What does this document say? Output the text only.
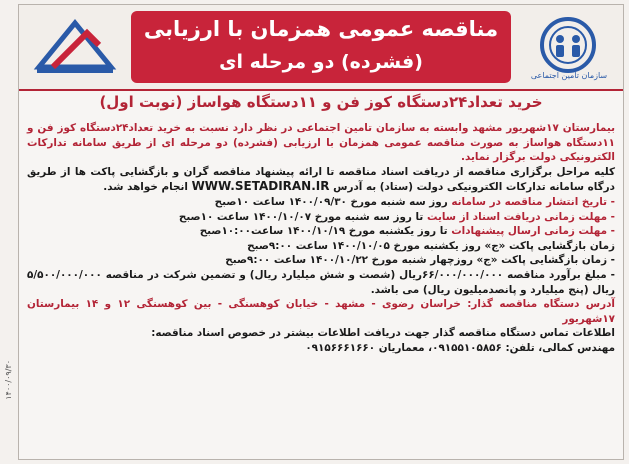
مناقصه عمومی همزمان با ارزیابی
(فشرده) دو مرحله ای
سازمان تامین اجتماعی
خرید تعداد۲۴دستگاه کوز فن و ۱۱دستگاه هواساز (نوبت اول)

بیمارستان ۱۷شهریور مشهد وابسته به سازمان تامین اجتماعی در نظر دارد نسبت به خرید تعداد۲۴دستگاه کوز فن و ۱۱دستگاه هواساز به صورت مناقصه عمومی همزمان با ارزیابی (فشرده) دو مرحله ای از طریق سامانه تدارکات الکترونیکی دولت برگزار نماید.

کلیه مراحل برگزاری مناقصه از دریافت اسناد مناقصه تا ارائه پیشنهاد مناقصه گران و بازگشایی پاکت ها از طریق درگاه سامانه تدارکات الکترونیکی دولت (ستاد) به آدرس WWW.SETADIRAN.IR انجام خواهد شد.

- تاریخ انتشار مناقصه در سامانه روز سه شنبه مورخ ۱۴۰۰/۰۹/۳۰ ساعت ۱۰صبح

- مهلت زمانی دریافت اسناد از سایت تا روز سه شنبه مورخ ۱۴۰۰/۱۰/۰۷ ساعت ۱۰صبح

- مهلت زمانی ارسال پیشنهادات تا روز یکشنبه مورخ ۱۴۰۰/۱۰/۱۹ ساعت۱۰:۰۰صبح

زمان بازگشایی پاکت «ج» روز یکشنبه مورخ ۱۴۰۰/۱۰/۰۵ ساعت ۹:۰۰صبح

- زمان بازگشایی پاکت «ج» روزچهار شنبه مورخ ۱۴۰۰/۱۰/۲۲ ساعت ۹:۰۰صبح

- مبلغ برآورد مناقصه ۶۶/۰۰۰/۰۰۰/۰۰۰ریال (شصت و شش میلیارد ریال) و تضمین شرکت در مناقصه ۵/۵۰۰/۰۰۰/۰۰۰ ریال (پنج میلیارد و پانصدمیلیون ریال) می باشد.

آدرس دستگاه مناقصه گذار: خراسان رضوی - مشهد - خیابان کوهسنگی - بین کوهسنگی ۱۲ و ۱۴ بیمارستان ۱۷شهریور

اطلاعات تماس دستگاه مناقصه گذار جهت دریافت اطلاعات بیشتر در خصوص اسناد مناقصه:

مهندس کمالی، تلفن: ۰۹۱۵۵۱۰۵۸۵۶، معماریان ۰۹۱۵۶۶۶۱۶۶۰

۱۴۰۰/۰۹/۳۰
